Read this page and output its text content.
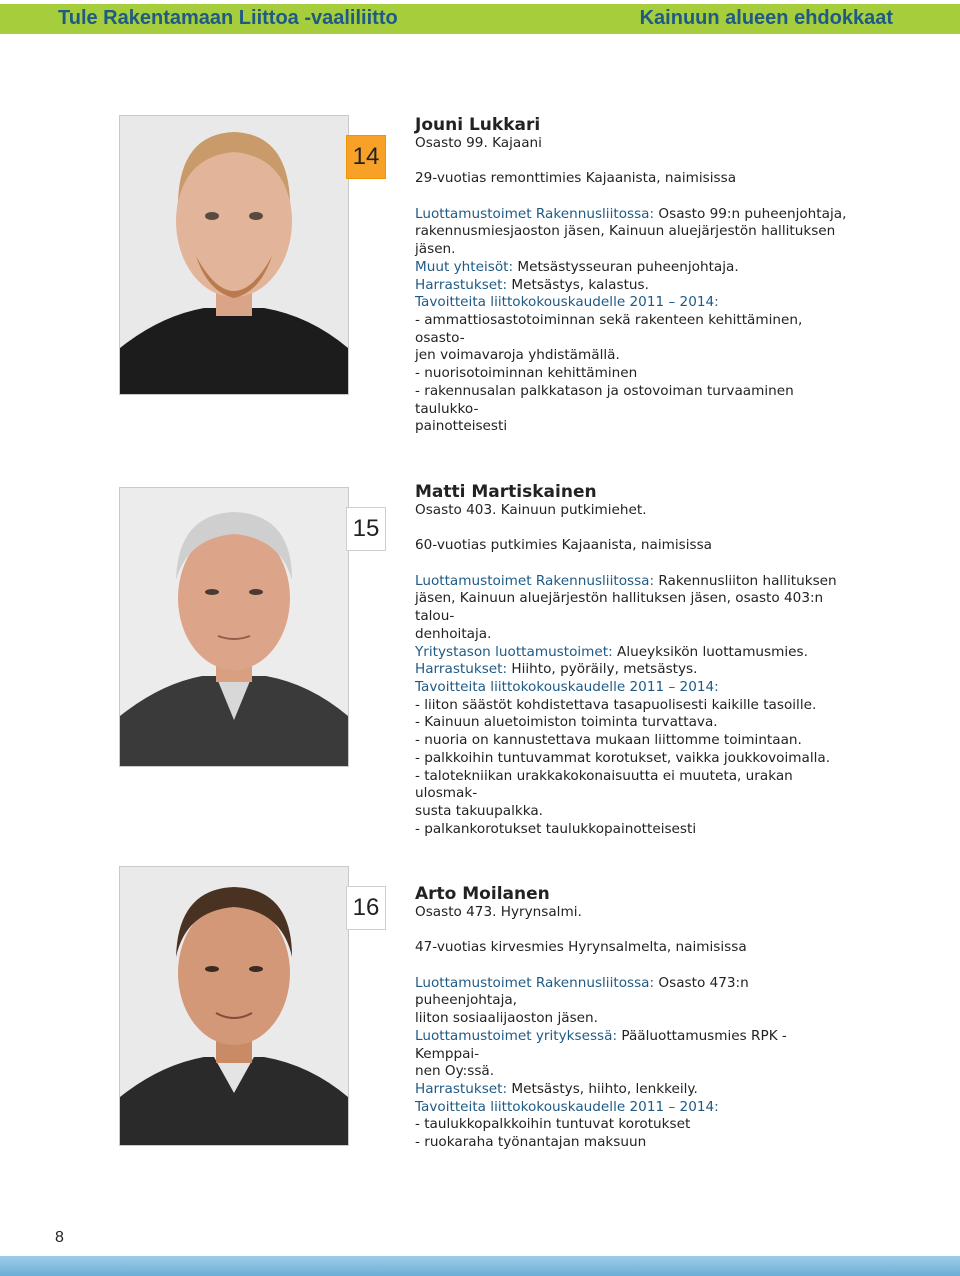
Tule Rakentamaan Liittoa -vaaliliitto	Kainuun alueen ehdokkaat
14

Jouni Lukkari

Osasto 99. Kajaani

29-vuotias remonttimies Kajaanista, naimisissa

Luottamustoimet Rakennusliitossa: Osasto 99:n puheenjohtaja,

rakennusmiesjaoston jäsen, Kainuun aluejärjestön hallituksen

jäsen.

Muut yhteisöt: Metsästysseuran puheenjohtaja.

Harrastukset: Metsästys, kalastus.

Tavoitteita liittokokouskaudelle 2011 – 2014:

- ammattiosastotoiminnan sekä rakenteen kehittäminen, osasto-

jen voimavaroja yhdistämällä.

- nuorisotoiminnan kehittäminen

- rakennusalan palkkatason ja ostovoiman turvaaminen taulukko-

painotteisesti

15

Matti Martiskainen

Osasto 403. Kainuun putkimiehet.

60-vuotias putkimies Kajaanista, naimisissa

Luottamustoimet Rakennusliitossa: Rakennusliiton hallituksen

jäsen, Kainuun aluejärjestön hallituksen jäsen, osasto 403:n talou-

denhoitaja.

Yritystason luottamustoimet: Alueyksikön luottamusmies.

Harrastukset: Hiihto, pyöräily, metsästys.

Tavoitteita liittokokouskaudelle 2011 – 2014:

- liiton säästöt kohdistettava tasapuolisesti kaikille tasoille.

- Kainuun aluetoimiston toiminta turvattava.

- nuoria on kannustettava mukaan liittomme toimintaan.

- palkkoihin tuntuvammat korotukset, vaikka joukkovoimalla.

- talotekniikan urakkakokonaisuutta ei muuteta, urakan ulosmak-

susta takuupalkka.

- palkankorotukset taulukkopainotteisesti

16	Arto Moilanen

Osasto 473. Hyrynsalmi.

47-vuotias kirvesmies Hyrynsalmelta, naimisissa

Luottamustoimet Rakennusliitossa: Osasto 473:n puheenjohtaja,

liiton sosiaalijaoston jäsen.

Luottamustoimet yrityksessä: Pääluottamusmies RPK - Kemppai-

nen Oy:ssä.

Harrastukset: Metsästys, hiihto, lenkkeily.

Tavoitteita liittokokouskaudelle 2011 – 2014:

- taulukkopalkkoihin tuntuvat korotukset

- ruokaraha työnantajan maksuun

8
